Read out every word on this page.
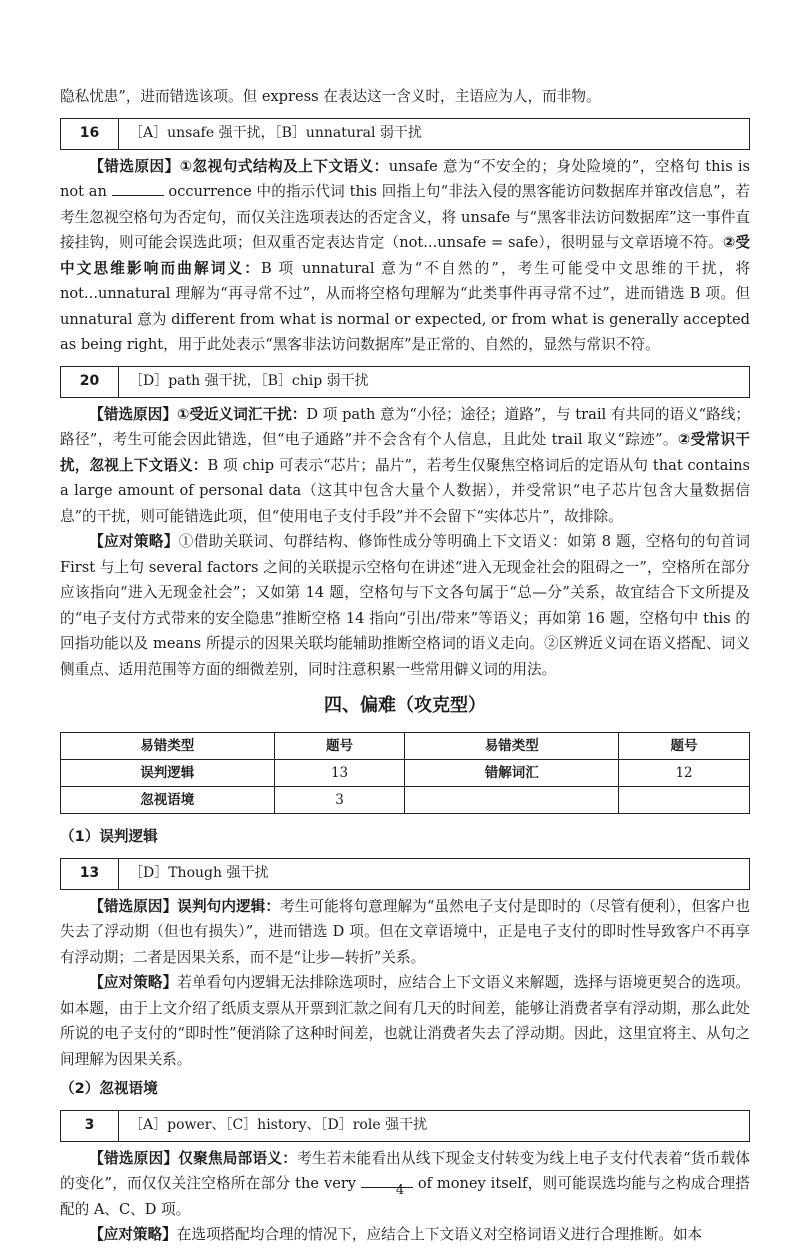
隐私忧患”，进而错选该项。但 express 在表达这一含义时，主语应为人，而非物。

16	［A］unsafe 强干扰，［B］unnatural 弱干扰

【错选原因】①忽视句式结构及上下文语义：unsafe 意为“不安全的；身处险境的”，空格句 this is not an	occurrence 中的指示代词 this 回指上句“非法入侵的黑客能访问数据库并窜改信息”，若考生忽视空格句为否定句，而仅关注选项表达的否定含义，将 unsafe 与“黑客非法访问数据库”这一事件直接挂钩，则可能会误选此项；但双重否定表达肯定（not...unsafe = safe），很明显与文章语境不符。②受中文思维影响而曲解词义：B 项 unnatural 意为“不自然的”，考生可能受中文思维的干扰，将 not...unnatural 理解为“再寻常不过”，从而将空格句理解为“此类事件再寻常不过”，进而错选 B 项。但 unnatural 意为 different from what is normal or expected, or from what is generally accepted as being right，用于此处表示“黑客非法访问数据库”是正常的、自然的，显然与常识不符。

20	［D］path 强干扰，［B］chip 弱干扰

【错选原因】①受近义词汇干扰：D 项 path 意为“小径；途径；道路”，与 trail 有共同的语义“路线；路径”，考生可能会因此错选，但“电子通路”并不会含有个人信息，且此处 trail 取义“踪迹”。②受常识干扰，忽视上下文语义：B 项 chip 可表示“芯片；晶片”，若考生仅聚焦空格词后的定语从句 that contains a large amount of personal data（这其中包含大量个人数据），并受常识“电子芯片包含大量数据信息”的干扰，则可能错选此项，但“使用电子支付手段”并不会留下“实体芯片”，故排除。

【应对策略】①借助关联词、句群结构、修饰性成分等明确上下文语义：如第 8 题，空格句的句首词 First 与上句 several factors 之间的关联提示空格句在讲述“进入无现金社会的阻碍之一”，空格所在部分应该指向“进入无现金社会”；又如第 14 题，空格句与下文各句属于“总—分”关系，故宜结合下文所提及的“电子支付方式带来的安全隐患”推断空格 14 指向“引出/带来”等语义；再如第 16 题，空格句中 this 的回指功能以及 means 所提示的因果关联均能辅助推断空格词的语义走向。②区辨近义词在语义搭配、词义侧重点、适用范围等方面的细微差别，同时注意积累一些常用僻义词的用法。

四、偏难（攻克型）
易错类型	题号	易错类型	题号
误判逻辑	13	错解词汇	12
忽视语境	3		
（1）误判逻辑
13	［D］Though 强干扰

【错选原因】误判句内逻辑：考生可能将句意理解为“虽然电子支付是即时的（尽管有便利），但客户也失去了浮动期（但也有损失）”，进而错选 D 项。但在文章语境中，正是电子支付的即时性导致客户不再享有浮动期；二者是因果关系，而不是“让步—转折”关系。

【应对策略】若单看句内逻辑无法排除选项时，应结合上下文语义来解题，选择与语境更契合的选项。如本题，由于上文介绍了纸质支票从开票到汇款之间有几天的时间差，能够让消费者享有浮动期，那么此处所说的电子支付的“即时性”便消除了这种时间差，也就让消费者失去了浮动期。因此，这里宜将主、从句之间理解为因果关系。

（2）忽视语境
3	［A］power、［C］history、［D］role 强干扰

【错选原因】仅聚焦局部语义：考生若未能看出从线下现金支付转变为线上电子支付代表着“货币载体的变化”，而仅仅关注空格所在部分 the very	of money itself，则可能误选均能与之构成合理搭配的 A、C、D 项。

【应对策略】在选项搭配均合理的情况下，应结合上下文语义对空格词语义进行合理推断。如本

4
